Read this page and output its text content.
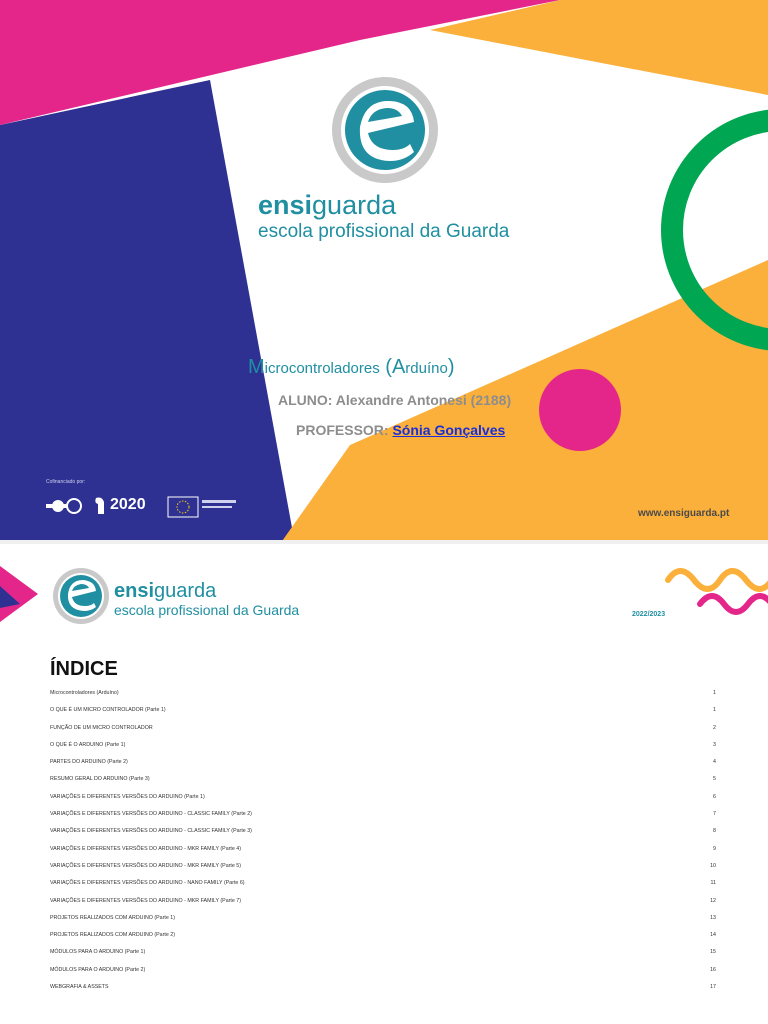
ensiguarda
escola profissional da Guarda
Microcontroladores (Arduíno)
ALUNO: Alexandre Antonesi (2188)
PROFESSOR: Sónia Gonçalves
Cofinanciado por:
2020
www.ensiguarda.pt
ensiguarda
escola profissional da Guarda	2022/2023
ÍNDICE
Microcontroladores (Arduíno)	1
O QUE É UM MICRO CONTROLADOR (Parte 1)	1
FUNÇÃO DE UM MICRO CONTROLADOR	2
O QUE É O ARDUINO (Parte 1)	3
PARTES DO ARDUINO (Parte 2)	4
RESUMO GERAL DO ARDUINO (Parte 3)	5
VARIAÇÕES E DIFERENTES VERSÕES DO ARDUINO (Parte 1)	6
VARIAÇÕES E DIFERENTES VERSÕES DO ARDUINO - CLASSIC FAMILY (Parte 2)	7
VARIAÇÕES E DIFERENTES VERSÕES DO ARDUINO - CLASSIC FAMILY (Parte 3)	8
VARIAÇÕES E DIFERENTES VERSÕES DO ARDUINO - MKR FAMILY (Parte 4)	9
VARIAÇÕES E DIFERENTES VERSÕES DO ARDUINO - MKR FAMILY (Parte 5)	10
VARIAÇÕES E DIFERENTES VERSÕES DO ARDUINO - NANO FAMILY (Parte 6)	11
VARIAÇÕES E DIFERENTES VERSÕES DO ARDUINO - MKR FAMILY (Parte 7)	12
PROJETOS REALIZADOS COM ARDUINO (Parte 1)	13
PROJETOS REALIZADOS COM ARDUINO (Parte 2)	14
MÓDULOS PARA O ARDUINO (Parte 1)	15
MÓDULOS PARA O ARDUINO (Parte 2)	16
WEBGRAFIA & ASSETS	17
